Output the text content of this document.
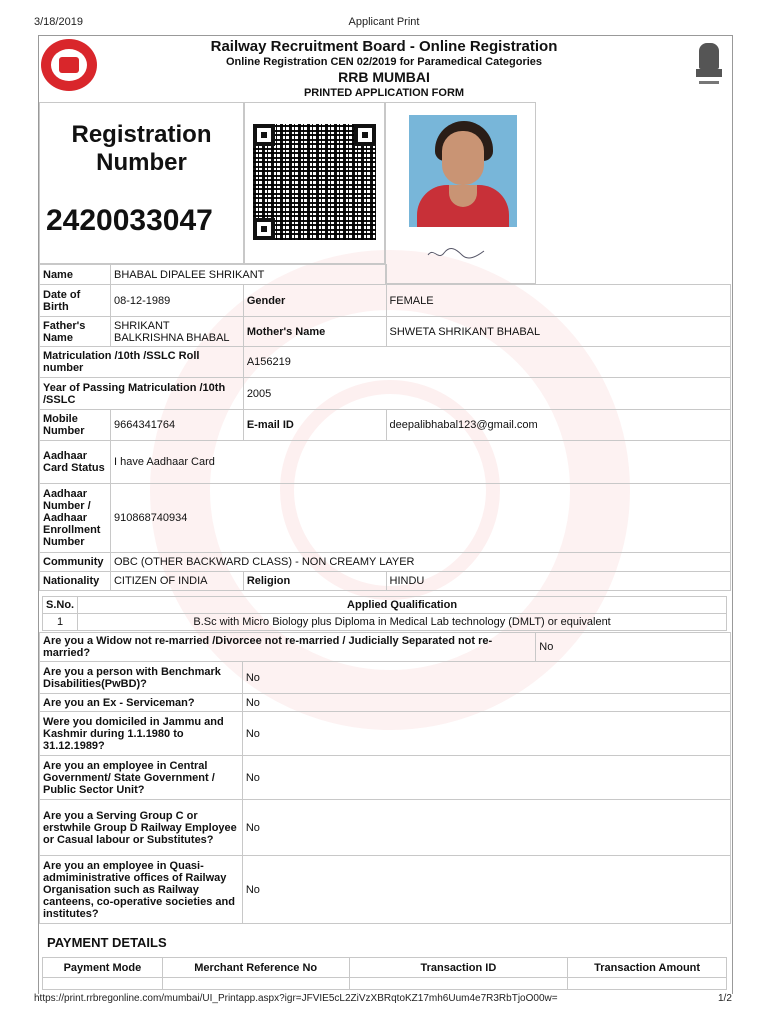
3/18/2019	Applicant Print
Railway Recruitment Board - Online Registration
Online Registration CEN 02/2019 for Paramedical Categories
RRB MUMBAI
PRINTED APPLICATION FORM
Registration
Number
2420033047
Name	BHABAL DIPALEE SHRIKANT		
Date of Birth	08-12-1989	Gender	FEMALE
Father's Name	SHRIKANT BALKRISHNA BHABAL	Mother's Name	SHWETA SHRIKANT BHABAL
Matriculation /10th /SSLC Roll number		A156219	
Year of Passing Matriculation /10th /SSLC		2005	
Mobile Number	9664341764	E-mail ID	deepalibhabal123@gmail.com
Aadhaar Card Status	I have Aadhaar Card		
Aadhaar Number / Aadhaar Enrollment Number	910868740934		
Community	OBC (OTHER BACKWARD CLASS) - NON CREAMY LAYER		
Nationality	CITIZEN OF INDIA	Religion	HINDU
S.No.	Applied Qualification
1	B.Sc with Micro Biology plus Diploma in Medical Lab technology (DMLT) or equivalent
Are you a Widow not re-married /Divorcee not re-married / Judicially Separated not re-married?		No
Are you a person with Benchmark Disabilities(PwBD)?	No	
Are you an Ex - Serviceman?	No	
Were you domiciled in Jammu and Kashmir during 1.1.1980 to 31.12.1989?	No	
Are you an employee in Central Government/ State Government / Public Sector Unit?	No	
Are you a Serving Group C or erstwhile Group D Railway Employee or Casual labour or Substitutes?	No	
Are you an employee in Quasi-admiministrative offices of Railway Organisation such as Railway canteens, co-operative societies and institutes?	No	
PAYMENT DETAILS
Payment Mode	Merchant Reference No	Transaction ID	Transaction Amount

https://print.rrbregonline.com/mumbai/UI_Printapp.aspx?igr=JFVIE5cL2ZiVzXBRqtoKZ17mh6Uum4e7R3RbTjoO00w=	1/2
